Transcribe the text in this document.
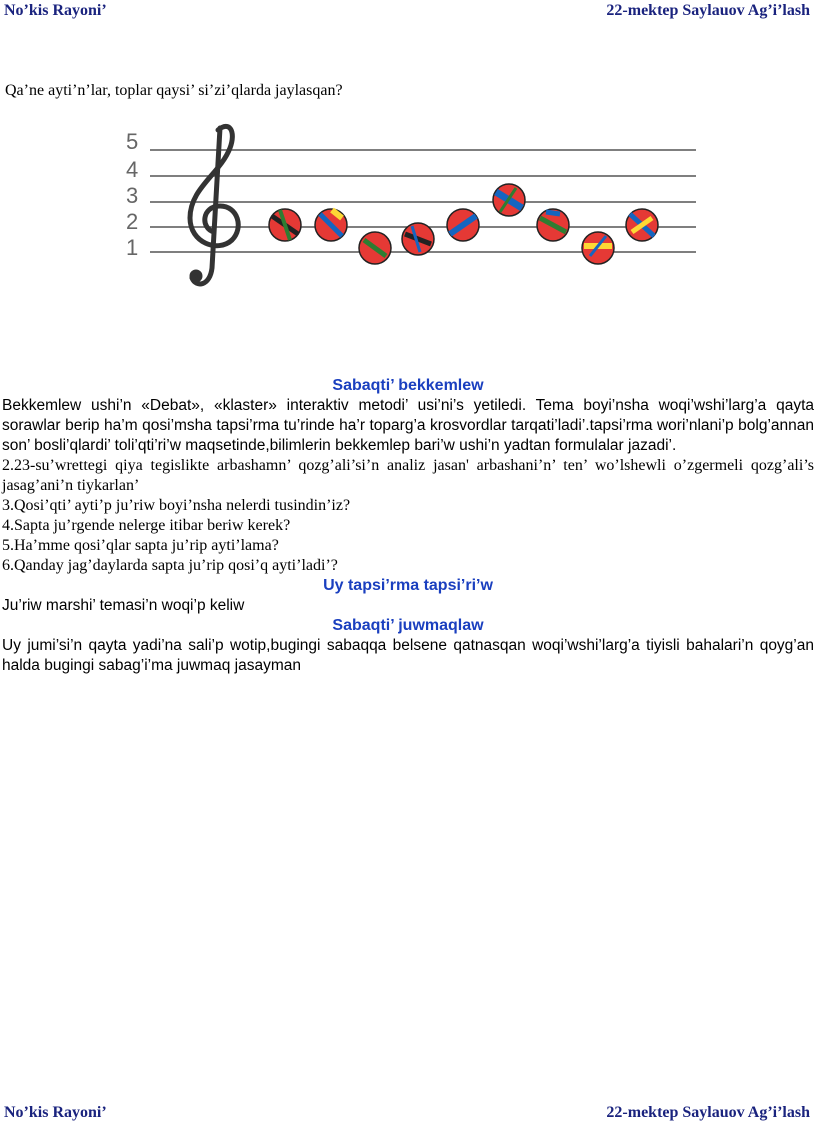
No’kis Rayoni’	22-mektep Saylauov Ag’i’lash
Qa’ne ayti’n’lar, toplar qaysi’ si’zi’qlarda jaylasqan?
5
4
3
2
1

Sabaqti’ bekkemlew

Bekkemlew ushi’n «Debat», «klaster» interaktiv metodi’ usi’ni’s yetiledi. Tema boyi’nsha woqi’wshi’larg’a qayta sorawlar berip ha’m qosi’msha tapsi’rma tu’rinde ha’r toparg’a krosvordlar tarqati’ladi’.tapsi’rma wori’nlani’p bolg’annan son’ bosli’qlardi’ toli’qti’ri’w maqsetinde,bilimlerin bekkemlep bari’w ushi’n yadtan formulalar jazadi’.

2.23-su’wrettegi qiya tegislikte arbashamn’ qozg’ali’si’n analiz jasan' arbashani’n’ ten’ wo’lshewli o’zgermeli qozg’ali’s jasag’ani’n tiykarlan’

3.Qosi’qti’ ayti’p ju’riw boyi’nsha nelerdi tusindin’iz?

4.Sapta ju’rgende nelerge itibar beriw kerek?

5.Ha’mme qosi’qlar sapta ju’rip ayti’lama?

6.Qanday jag’daylarda sapta ju’rip qosi’q ayti’ladi’?

Uy tapsi’rma tapsi’ri’w

Ju’riw marshi’ temasi’n woqi’p keliw

Sabaqti’ juwmaqlaw

Uy jumi’si’n qayta yadi’na sali’p wotip,bugingi sabaqqa belsene qatnasqan woqi’wshi’larg’a tiyisli bahalari’n qoyg’an halda bugingi sabag’i’ma juwmaq jasayman

No’kis Rayoni’	22-mektep Saylauov Ag’i’lash
